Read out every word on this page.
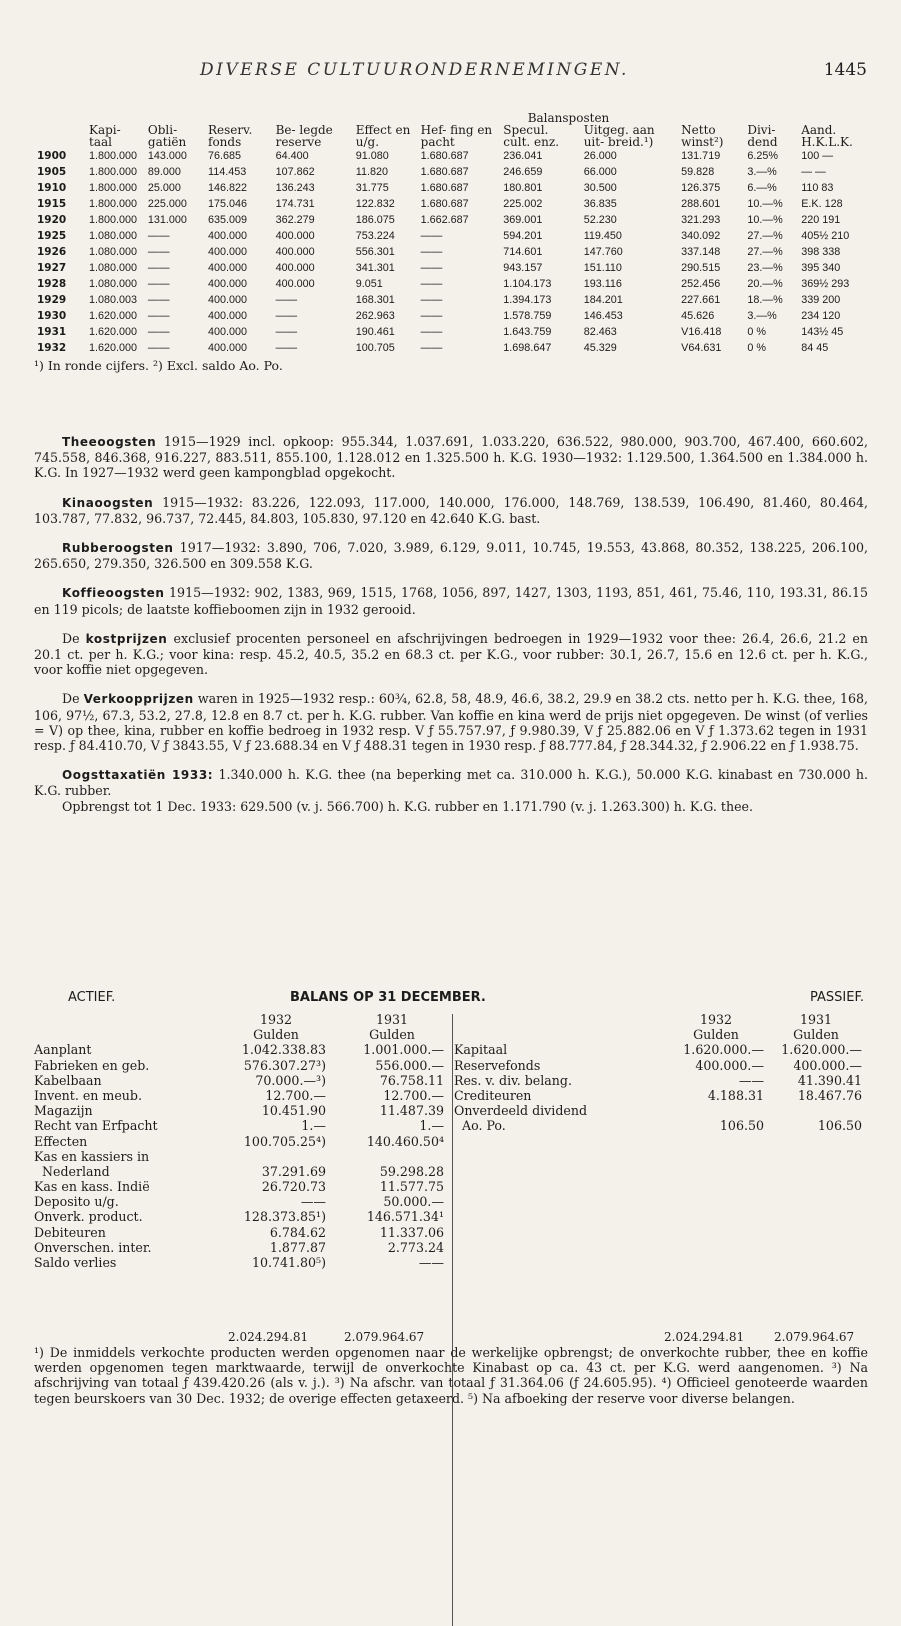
DIVERSE CULTUURONDERNEMINGEN.	1445
	Balansposten										
	Kapi- taal	Obli- gatiën	Reserv. fonds	Be- legde reserve	Effect en u/g.	Hef- fing en pacht	Specul. cult. enz.	Uitgeg. aan uit- breid.¹)	Netto winst²)	Divi- dend	Aand. H.K.L.K.
1900	1.800.000	143.000	76.685	64.400	91.080	1.680.687	236.041	26.000	131.719	6.25%	100 —
1905	1.800.000	89.000	114.453	107.862	11.820	1.680.687	246.659	66.000	59.828	3.—%	— —
1910	1.800.000	25.000	146.822	136.243	31.775	1.680.687	180.801	30.500	126.375	6.—%	110 83
1915	1.800.000	225.000	175.046	174.731	122.832	1.680.687	225.002	36.835	288.601	10.—%	E.K. 128
1920	1.800.000	131.000	635.009	362.279	186.075	1.662.687	369.001	52.230	321.293	10.—%	220 191
1925	1.080.000	——	400.000	400.000	753.224	——	594.201	119.450	340.092	27.—%	405½ 210
1926	1.080.000	——	400.000	400.000	556.301	——	714.601	147.760	337.148	27.—%	398 338
1927	1.080.000	——	400.000	400.000	341.301	——	943.157	151.110	290.515	23.—%	395 340
1928	1.080.000	——	400.000	400.000	9.051	——	1.104.173	193.116	252.456	20.—%	369½ 293
1929	1.080.003	——	400.000	——	168.301	——	1.394.173	184.201	227.661	18.—%	339 200
1930	1.620.000	——	400.000	——	262.963	——	1.578.759	146.453	45.626	3.—%	234 120
1931	1.620.000	——	400.000	——	190.461	——	1.643.759	82.463	V16.418	0 %	143½ 45
1932	1.620.000	——	400.000	——	100.705	——	1.698.647	45.329	V64.631	0 %	84 45
¹) In ronde cijfers. ²) Excl. saldo Ao. Po.

Theeoogsten 1915—1929 incl. opkoop: 955.344, 1.037.691, 1.033.220, 636.522, 980.000, 903.700, 467.400, 660.602, 745.558, 846.368, 916.227, 883.511, 855.100, 1.128.012 en 1.325.500 h. K.G. 1930—1932: 1.129.500, 1.364.500 en 1.384.000 h. K.G. In 1927—1932 werd geen kampongblad opgekocht.

Kinaoogsten 1915—1932: 83.226, 122.093, 117.000, 140.000, 176.000, 148.769, 138.539, 106.490, 81.460, 80.464, 103.787, 77.832, 96.737, 72.445, 84.803, 105.830, 97.120 en 42.640 K.G. bast.

Rubberoogsten 1917—1932: 3.890, 706, 7.020, 3.989, 6.129, 9.011, 10.745, 19.553, 43.868, 80.352, 138.225, 206.100, 265.650, 279.350, 326.500 en 309.558 K.G.

Koffieoogsten 1915—1932: 902, 1383, 969, 1515, 1768, 1056, 897, 1427, 1303, 1193, 851, 461, 75.46, 110, 193.31, 86.15 en 119 picols; de laatste koffieboomen zijn in 1932 gerooid.

De kostprijzen exclusief procenten personeel en afschrijvingen bedroegen in 1929—1932 voor thee: 26.4, 26.6, 21.2 en 20.1 ct. per h. K.G.; voor kina: resp. 45.2, 40.5, 35.2 en 68.3 ct. per K.G., voor rubber: 30.1, 26.7, 15.6 en 12.6 ct. per h. K.G., voor koffie niet opgegeven.

De Verkoopprijzen waren in 1925—1932 resp.: 60¾, 62.8, 58, 48.9, 46.6, 38.2, 29.9 en 38.2 cts. netto per h. K.G. thee, 168, 106, 97½, 67.3, 53.2, 27.8, 12.8 en 8.7 ct. per h. K.G. rubber. Van koffie en kina werd de prijs niet opgegeven. De winst (of verlies = V) op thee, kina, rubber en koffie bedroeg in 1932 resp. V ƒ 55.757.97, ƒ 9.980.39, V ƒ 25.882.06 en V ƒ 1.373.62 tegen in 1931 resp. ƒ 84.410.70, V ƒ 3843.55, V ƒ 23.688.34 en V ƒ 488.31 tegen in 1930 resp. ƒ 88.777.84, ƒ 28.344.32, ƒ 2.906.22 en ƒ 1.938.75.

Oogsttaxatiën 1933: 1.340.000 h. K.G. thee (na beperking met ca. 310.000 h. K.G.), 50.000 K.G. kinabast en 730.000 h. K.G. rubber.
Opbrengst tot 1 Dec. 1933: 629.500 (v. j. 566.700) h. K.G. rubber en 1.171.790 (v. j. 1.263.300) h. K.G. thee.

ACTIEF.	BALANS OP 31 DECEMBER.	PASSIEF.
1932	1931
Gulden	Gulden
Aanplant	1.042.338.83	1.001.000.—
Fabrieken en geb.	576.307.27³)	556.000.—
Kabelbaan	70.000.—³)	76.758.11
Invent. en meub.	12.700.—	12.700.—
Magazijn	10.451.90	11.487.39
Recht van Erfpacht	1.—	1.—
Effecten	100.705.25⁴)	140.460.50⁴
Kas en kassiers in
Nederland	37.291.69	59.298.28
Kas en kass. Indië	26.720.73	11.577.75
Deposito u/g.	——	50.000.—
Onverk. product.	128.373.85¹)	146.571.34¹
Debiteuren	6.784.62	11.337.06
Onverschen. inter.	1.877.87	2.773.24
Saldo verlies	10.741.80⁵)	——
1932	1931
Gulden	Gulden
Kapitaal	1.620.000.—	1.620.000.—
Reservefonds	400.000.—	400.000.—
Res. v. div. belang.	——	41.390.41
Crediteuren	4.188.31	18.467.76
Onverdeeld dividend
Ao. Po.	106.50	106.50
2.024.294.81	2.079.964.67	2.024.294.81 2.079.964.67
¹) De inmiddels verkochte producten werden opgenomen naar de werkelijke opbrengst; de onverkochte rubber, thee en koffie werden opgenomen tegen marktwaarde, terwijl de onverkochte Kinabast op ca. 43 ct. per K.G. werd aangenomen. ³) Na afschrijving van totaal ƒ 439.420.26 (als v. j.). ³) Na afschr. van totaal ƒ 31.364.06 (ƒ 24.605.95). ⁴) Officieel genoteerde waarden tegen beurskoers van 30 Dec. 1932; de overige effecten getaxeerd. ⁵) Na afboeking der reserve voor diverse belangen.
